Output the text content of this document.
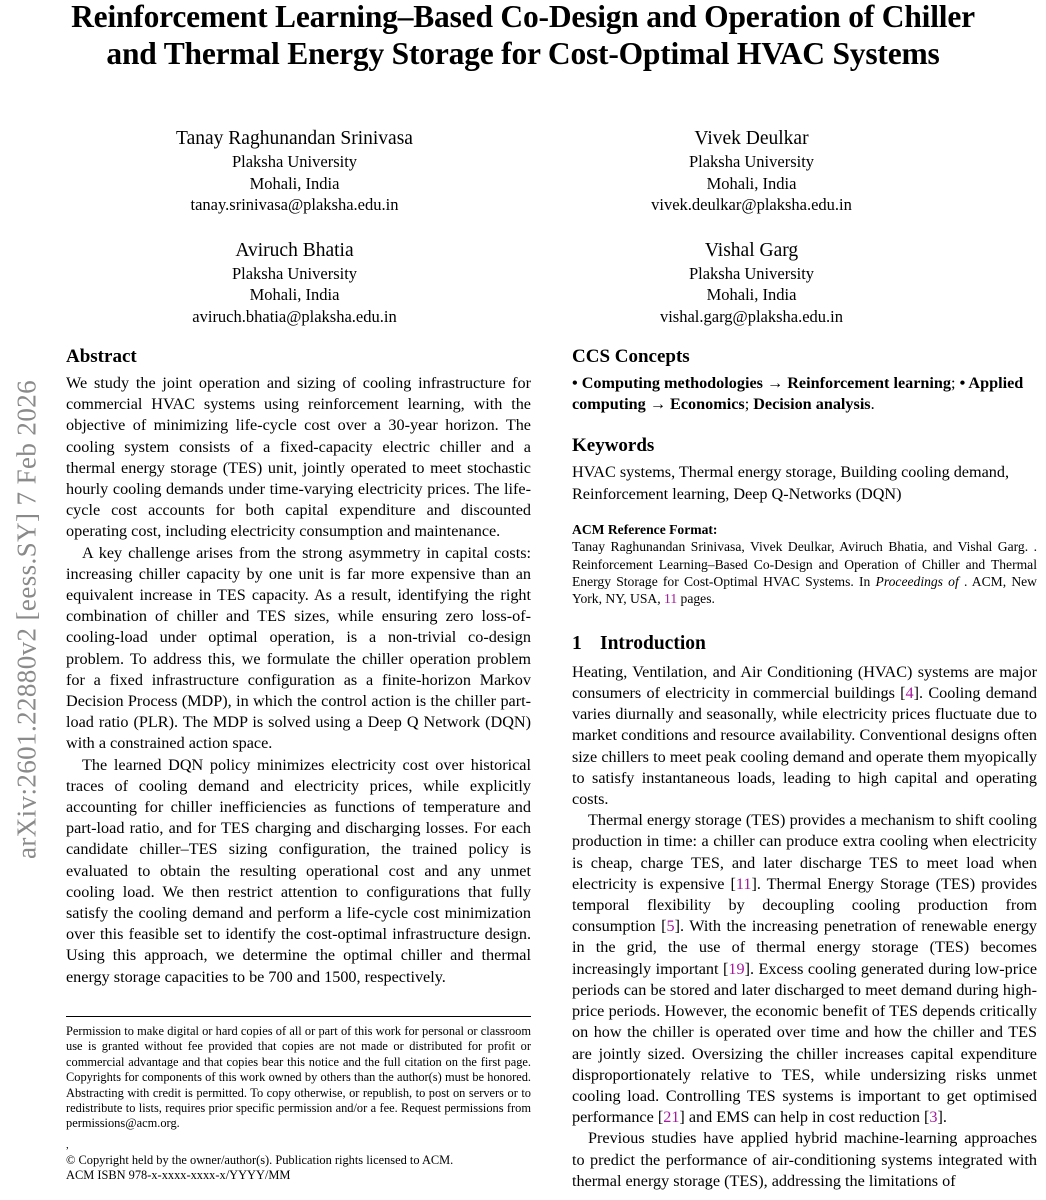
arXiv:2601.22880v2 [eess.SY] 7 Feb 2026
Reinforcement Learning–Based Co-Design and Operation of Chiller and Thermal Energy Storage for Cost-Optimal HVAC Systems
Tanay Raghunandan Srinivasa
Plaksha University
Mohali, India
tanay.srinivasa@plaksha.edu.in
Vivek Deulkar
Plaksha University
Mohali, India
vivek.deulkar@plaksha.edu.in
Aviruch Bhatia
Plaksha University
Mohali, India
aviruch.bhatia@plaksha.edu.in
Vishal Garg
Plaksha University
Mohali, India
vishal.garg@plaksha.edu.in
Abstract

We study the joint operation and sizing of cooling infrastructure for commercial HVAC systems using reinforcement learning, with the objective of minimizing life-cycle cost over a 30-year horizon. The cooling system consists of a fixed-capacity electric chiller and a thermal energy storage (TES) unit, jointly operated to meet stochastic hourly cooling demands under time-varying electricity prices. The life-cycle cost accounts for both capital expenditure and discounted operating cost, including electricity consumption and maintenance.

A key challenge arises from the strong asymmetry in capital costs: increasing chiller capacity by one unit is far more expensive than an equivalent increase in TES capacity. As a result, identifying the right combination of chiller and TES sizes, while ensuring zero loss-of-cooling-load under optimal operation, is a non-trivial co-design problem. To address this, we formulate the chiller operation problem for a fixed infrastructure configuration as a finite-horizon Markov Decision Process (MDP), in which the control action is the chiller part-load ratio (PLR). The MDP is solved using a Deep Q Network (DQN) with a constrained action space.

The learned DQN policy minimizes electricity cost over historical traces of cooling demand and electricity prices, while explicitly accounting for chiller inefficiencies as functions of temperature and part-load ratio, and for TES charging and discharging losses. For each candidate chiller–TES sizing configuration, the trained policy is evaluated to obtain the resulting operational cost and any unmet cooling load. We then restrict attention to configurations that fully satisfy the cooling demand and perform a life-cycle cost minimization over this feasible set to identify the cost-optimal infrastructure design. Using this approach, we determine the optimal chiller and thermal energy storage capacities to be 700 and 1500, respectively.

CCS Concepts

• Computing methodologies → Reinforcement learning; • Applied computing → Economics; Decision analysis.

Keywords

HVAC systems, Thermal energy storage, Building cooling demand, Reinforcement learning, Deep Q-Networks (DQN)

ACM Reference Format:
Tanay Raghunandan Srinivasa, Vivek Deulkar, Aviruch Bhatia, and Vishal Garg. . Reinforcement Learning–Based Co-Design and Operation of Chiller and Thermal Energy Storage for Cost-Optimal HVAC Systems. In Proceedings of . ACM, New York, NY, USA, 11 pages.

1 Introduction

Heating, Ventilation, and Air Conditioning (HVAC) systems are major consumers of electricity in commercial buildings [4]. Cooling demand varies diurnally and seasonally, while electricity prices fluctuate due to market conditions and resource availability. Conventional designs often size chillers to meet peak cooling demand and operate them myopically to satisfy instantaneous loads, leading to high capital and operating costs.

Thermal energy storage (TES) provides a mechanism to shift cooling production in time: a chiller can produce extra cooling when electricity is cheap, charge TES, and later discharge TES to meet load when electricity is expensive [11]. Thermal Energy Storage (TES) provides temporal flexibility by decoupling cooling production from consumption [5]. With the increasing penetration of renewable energy in the grid, the use of thermal energy storage (TES) becomes increasingly important [19]. Excess cooling generated during low-price periods can be stored and later discharged to meet demand during high-price periods. However, the economic benefit of TES depends critically on how the chiller is operated over time and how the chiller and TES are jointly sized. Oversizing the chiller increases capital expenditure disproportionately relative to TES, while undersizing risks unmet cooling load. Controlling TES systems is important to get optimised performance [21] and EMS can help in cost reduction [3].

Previous studies have applied hybrid machine-learning approaches to predict the performance of air-conditioning systems integrated with thermal energy storage (TES), addressing the limitations of

Permission to make digital or hard copies of all or part of this work for personal or classroom use is granted without fee provided that copies are not made or distributed for profit or commercial advantage and that copies bear this notice and the full citation on the first page. Copyrights for components of this work owned by others than the author(s) must be honored. Abstracting with credit is permitted. To copy otherwise, or republish, to post on servers or to redistribute to lists, requires prior specific permission and/or a fee. Request permissions from permissions@acm.org.

,

© Copyright held by the owner/author(s). Publication rights licensed to ACM.

ACM ISBN 978-x-xxxx-xxxx-x/YYYY/MM
